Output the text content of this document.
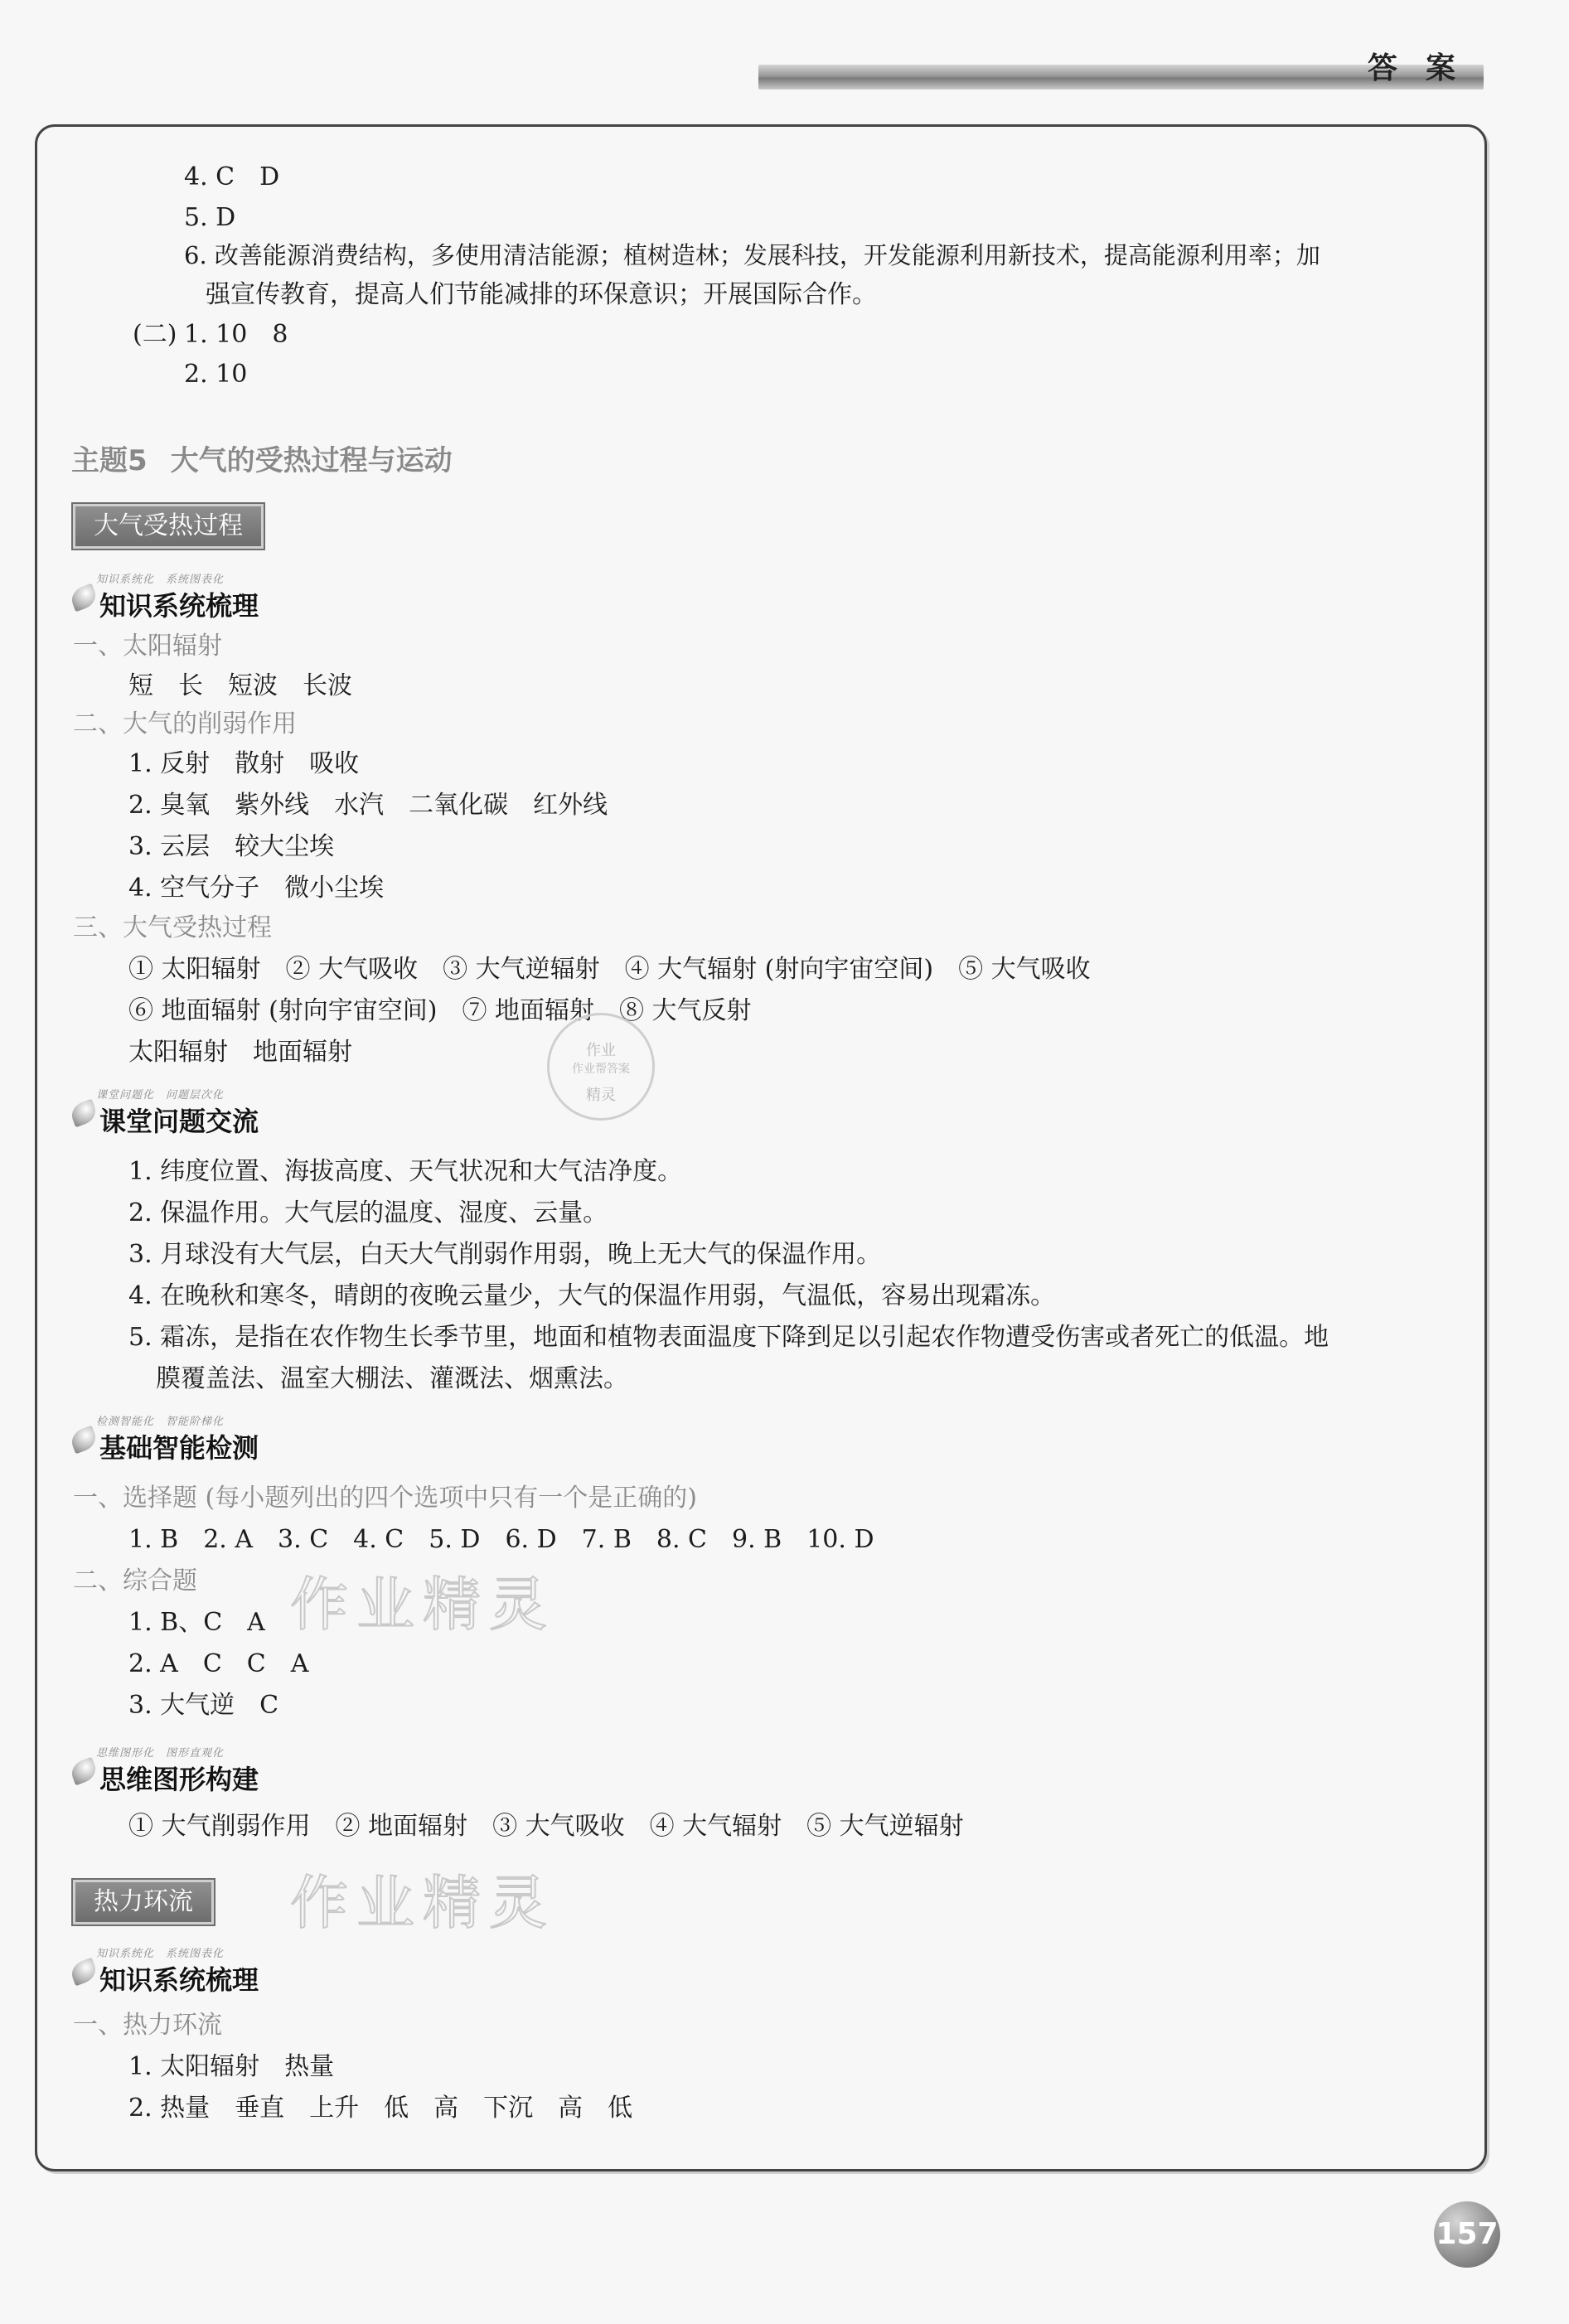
答案
4. C　D
5. D
6. 改善能源消费结构，多使用清洁能源；植树造林；发展科技，开发能源利用新技术，提高能源利用率；加
强宣传教育，提高人们节能减排的环保意识；开展国际合作。
(二) 1. 10　8
2. 10
主题5 大气的受热过程与运动
大气受热过程
知识系统化　系统图表化
知识系统梳理
一、太阳辐射
短　长　短波　长波
二、大气的削弱作用
1. 反射　散射　吸收
2. 臭氧　紫外线　水汽　二氧化碳　红外线
3. 云层　较大尘埃
4. 空气分子　微小尘埃
三、大气受热过程
① 太阳辐射　② 大气吸收　③ 大气逆辐射　④ 大气辐射 (射向宇宙空间)　⑤ 大气吸收
⑥ 地面辐射 (射向宇宙空间)　⑦ 地面辐射　⑧ 大气反射
太阳辐射　地面辐射	作业
作业帮答案
精灵
课堂问题化　问题层次化
课堂问题交流
1. 纬度位置、海拔高度、天气状况和大气洁净度。
2. 保温作用。大气层的温度、湿度、云量。
3. 月球没有大气层，白天大气削弱作用弱，晚上无大气的保温作用。
4. 在晚秋和寒冬，晴朗的夜晚云量少，大气的保温作用弱，气温低，容易出现霜冻。
5. 霜冻，是指在农作物生长季节里，地面和植物表面温度下降到足以引起农作物遭受伤害或者死亡的低温。地
膜覆盖法、温室大棚法、灌溉法、烟熏法。
检测智能化　智能阶梯化
基础智能检测
一、选择题 (每小题列出的四个选项中只有一个是正确的)
1. B　2. A　3. C　4. C　5. D　6. D　7. B　8. C　9. B　10. D
二、综合题
1. B、C　A
2. A　C　C　A
3. 大气逆　C
作业精灵
思维图形化　图形直观化
思维图形构建
① 大气削弱作用　② 地面辐射　③ 大气吸收　④ 大气辐射　⑤ 大气逆辐射
热力环流	作业精灵
知识系统化　系统图表化
知识系统梳理
一、热力环流
1. 太阳辐射　热量
2. 热量　垂直　上升　低　高　下沉　高　低
157
